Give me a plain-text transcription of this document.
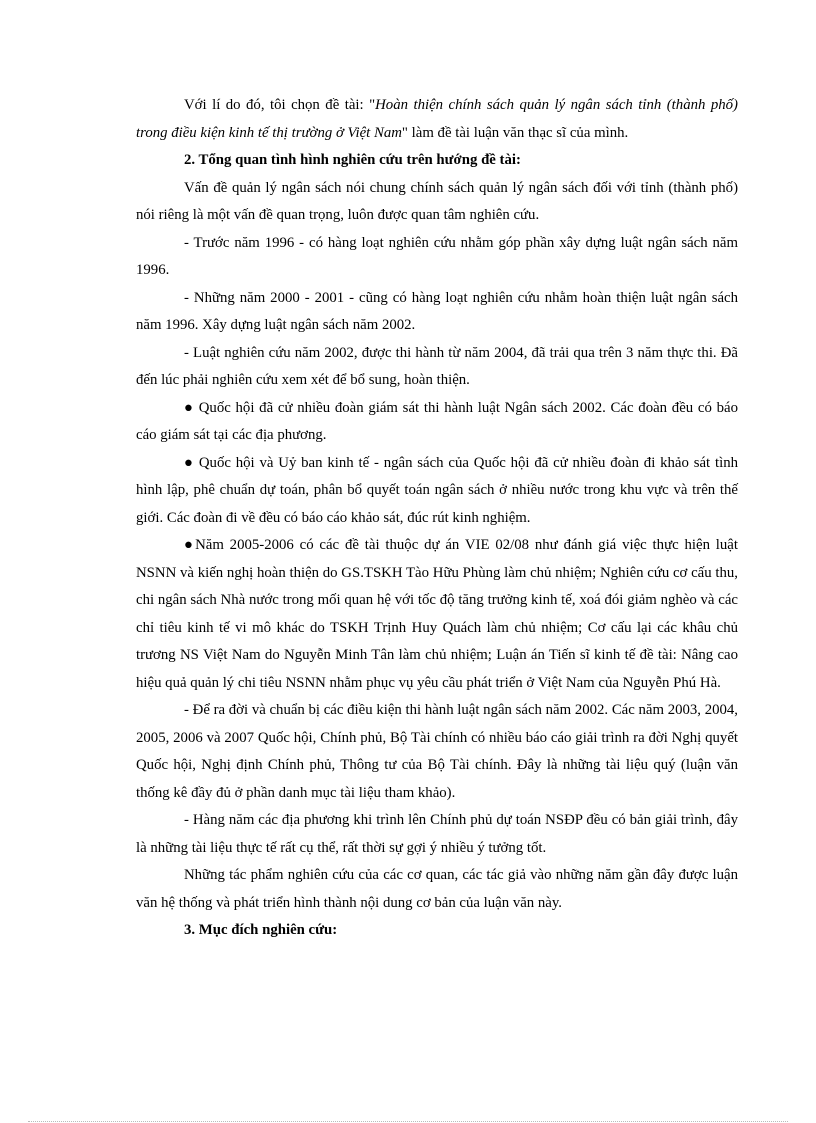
Với lí do đó, tôi chọn đề tài: "Hoàn thiện chính sách quản lý ngân sách tỉnh (thành phố) trong điều kiện kinh tế thị trường ở Việt Nam" làm đề tài luận văn thạc sĩ của mình.

2. Tổng quan tình hình nghiên cứu trên hướng đề tài:

Vấn đề quản lý ngân sách nói chung chính sách quản lý ngân sách đối với tỉnh (thành phố) nói riêng là một vấn đề quan trọng, luôn được quan tâm nghiên cứu.

- Trước năm 1996 - có hàng loạt nghiên cứu nhằm góp phần xây dựng luật ngân sách năm 1996.

- Những năm 2000 - 2001 - cũng có hàng loạt nghiên cứu nhằm hoàn thiện luật ngân sách năm 1996. Xây dựng luật ngân sách năm 2002.

- Luật nghiên cứu năm 2002, được thi hành từ năm 2004, đã trải qua trên 3 năm thực thi. Đã đến lúc phải nghiên cứu xem xét để bổ sung, hoàn thiện.

● Quốc hội đã cử nhiều đoàn giám sát thi hành luật Ngân sách 2002. Các đoàn đều có báo cáo giám sát tại các địa phương.

● Quốc hội và Uỷ ban kinh tế - ngân sách của Quốc hội đã cử nhiều đoàn đi khảo sát tình hình lập, phê chuẩn dự toán, phân bổ quyết toán ngân sách ở nhiều nước trong khu vực và trên thế giới. Các đoàn đi về đều có báo cáo khảo sát, đúc rút kinh nghiệm.

●Năm 2005-2006 có các đề tài thuộc dự án VIE 02/08 như đánh giá việc thực hiện luật NSNN và kiến nghị hoàn thiện do GS.TSKH Tào Hữu Phùng làm chủ nhiệm; Nghiên cứu cơ cấu thu, chi ngân sách Nhà nước trong mối quan hệ với tốc độ tăng trưởng kinh tế, xoá đói giảm nghèo và các chỉ tiêu kinh tế vi mô khác do TSKH Trịnh Huy Quách làm chủ nhiệm; Cơ cấu lại các khâu chủ trương NS Việt Nam do Nguyễn Minh Tân làm chủ nhiệm; Luận án Tiến sĩ kinh tế đề tài: Nâng cao hiệu quả quản lý chi tiêu NSNN nhằm phục vụ yêu cầu phát triển ở Việt Nam của Nguyễn Phú Hà.

- Để ra đời và chuẩn bị các điều kiện thi hành luật ngân sách năm 2002. Các năm 2003, 2004, 2005, 2006 và 2007 Quốc hội, Chính phủ, Bộ Tài chính có nhiều báo cáo giải trình ra đời Nghị quyết Quốc hội, Nghị định Chính phủ, Thông tư của Bộ Tài chính. Đây là những tài liệu quý (luận văn thống kê đầy đủ ở phần danh mục tài liệu tham khảo).

- Hàng năm các địa phương khi trình lên Chính phủ dự toán NSĐP đều có bản giải trình, đây là những tài liệu thực tế rất cụ thể, rất thời sự gợi ý nhiều ý tưởng tốt.

Những tác phẩm nghiên cứu của các cơ quan, các tác giả vào những năm gần đây được luận văn hệ thống và phát triển hình thành nội dung cơ bản của luận văn này.

3. Mục đích nghiên cứu:
